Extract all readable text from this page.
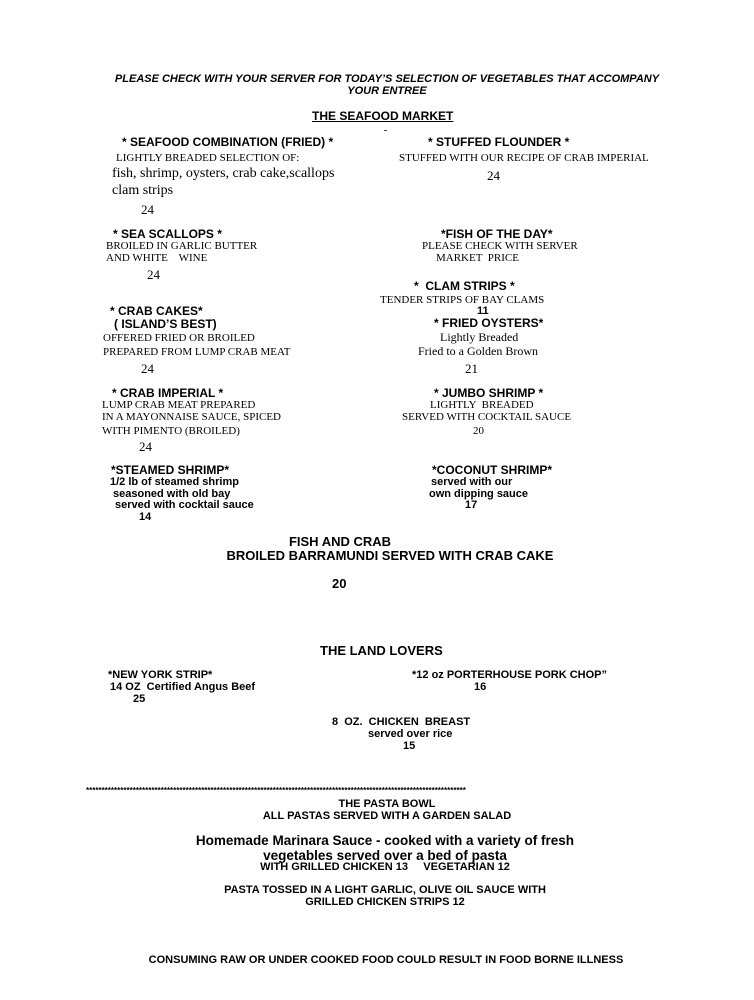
PLEASE CHECK WITH YOUR SERVER FOR TODAY’S SELECTION OF VEGETABLES THAT ACCOMPANY
YOUR ENTREE
THE SEAFOOD MARKET
* SEAFOOD COMBINATION (FRIED) *
LIGHTLY BREADED SELECTION OF:
fish, shrimp, oysters, crab cake,scallops
clam strips
24
* STUFFED FLOUNDER *
STUFFED WITH OUR RECIPE OF CRAB IMPERIAL
24
* SEA SCALLOPS *
BROILED IN GARLIC BUTTER
AND WHITE    WINE
24
*FISH OF THE DAY*
PLEASE CHECK WITH SERVER
MARKET  PRICE
*  CLAM STRIPS *
TENDER STRIPS OF BAY CLAMS
11
* CRAB CAKES*
( ISLAND’S BEST)
OFFERED FRIED OR BROILED
PREPARED FROM LUMP CRAB MEAT
24
* FRIED OYSTERS*
Lightly Breaded
Fried to a Golden Brown
21
* CRAB IMPERIAL *
LUMP CRAB MEAT PREPARED
IN A MAYONNAISE SAUCE, SPICED
WITH PIMENTO (BROILED)
24
* JUMBO SHRIMP *
LIGHTLY  BREADED
SERVED WITH COCKTAIL SAUCE
20
*STEAMED SHRIMP*
1/2 lb of steamed shrimp
seasoned with old bay
served with cocktail sauce
14
*COCONUT SHRIMP*
served with our
own dipping sauce
17
FISH AND CRAB
BROILED BARRAMUNDI SERVED WITH CRAB CAKE
20
THE LAND LOVERS
*NEW YORK STRIP*
14 OZ  Certified Angus Beef
25
*12 oz PORTERHOUSE PORK CHOP”
16
8  OZ.  CHICKEN  BREAST
served over rice
15
**************************************************************************************************************************
THE PASTA BOWL
ALL PASTAS SERVED WITH A GARDEN SALAD
Homemade Marinara Sauce - cooked with a variety of fresh
vegetables served over a bed of pasta
WITH GRILLED CHICKEN 13     VEGETARIAN 12
PASTA TOSSED IN A LIGHT GARLIC, OLIVE OIL SAUCE WITH
GRILLED CHICKEN STRIPS 12
CONSUMING RAW OR UNDER COOKED FOOD COULD RESULT IN FOOD BORNE ILLNESS
